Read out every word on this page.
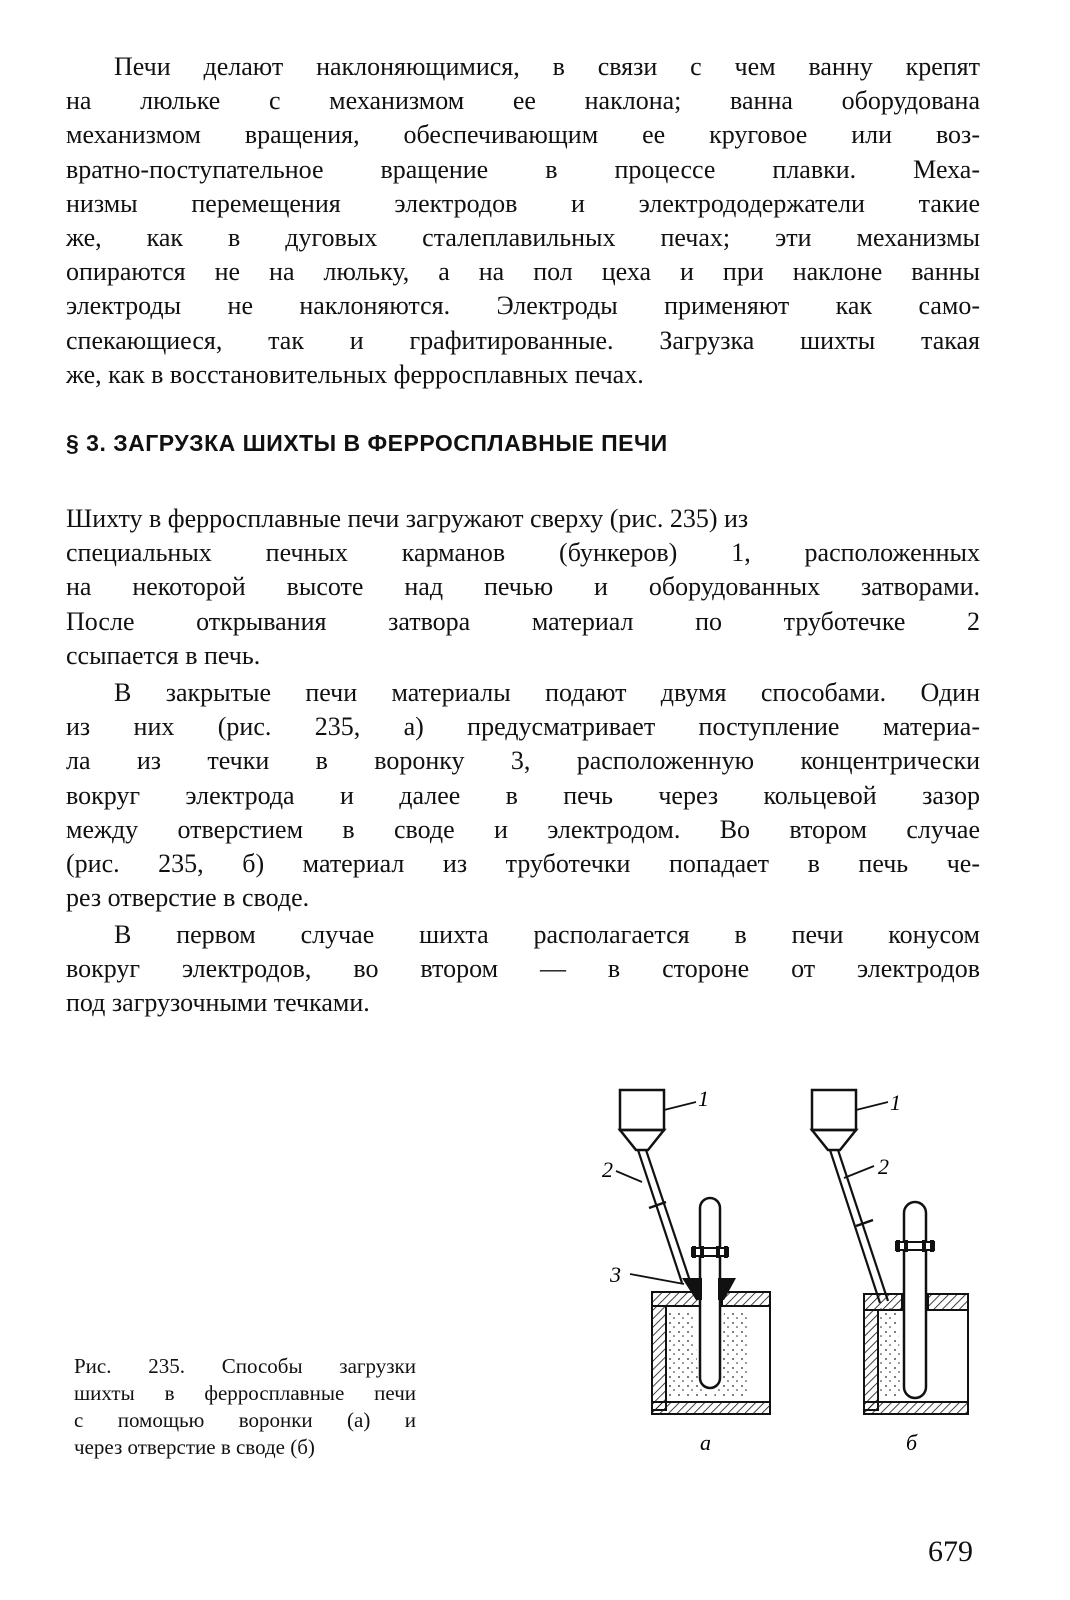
Печи делают наклоняющимися, в связи с чем ванну крепят

на люльке с механизмом ее наклона; ванна оборудована

механизмом вращения, обеспечивающим ее круговое или воз-

вратно-поступательное вращение в процессе плавки. Меха-

низмы перемещения электродов и электрододержатели такие

же, как в дуговых сталеплавильных печах; эти механизмы

опираются не на люльку, а на пол цеха и при наклоне ванны

электроды не наклоняются. Электроды применяют как само-

спекающиеся, так и графитированные. Загрузка шихты такая

же, как в восстановительных ферросплавных печах.

§ 3. ЗАГРУЗКА ШИХТЫ В ФЕРРОСПЛАВНЫЕ ПЕЧИ

Шихту в ферросплавные печи загружают сверху (рис. 235) из

специальных печных карманов (бункеров) 1, расположенных

на некоторой высоте над печью и оборудованных затворами.

После открывания затвора материал по труботечке 2

ссыпается в печь.

В закрытые печи материалы подают двумя способами. Один

из них (рис. 235, а) предусматривает поступление материа-

ла из течки в воронку 3, расположенную концентрически

вокруг электрода и далее в печь через кольцевой зазор

между отверстием в своде и электродом. Во втором случае

(рис. 235, б) материал из труботечки попадает в печь че-

рез отверстие в своде.

В первом случае шихта располагается в печи конусом

вокруг электродов, во втором — в стороне от электродов

под загрузочными течками.

Рис. 235. Способы загрузки

шихты в ферросплавные печи

с помощью воронки (а) и

через отверстие в своде (б)

1
2
3
а
1
2
б
679
